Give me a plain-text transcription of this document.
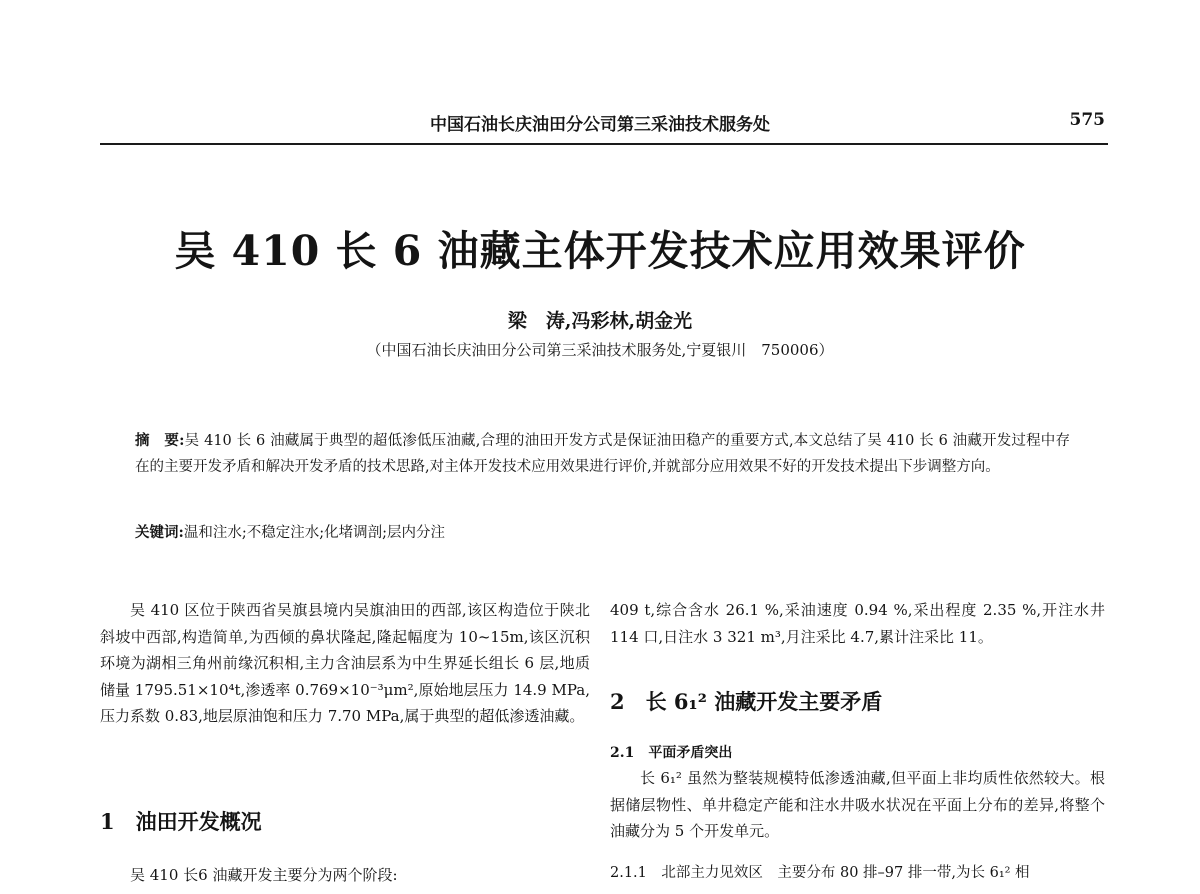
中国石油长庆油田分公司第三采油技术服务处	575
吴 410 长 6 油藏主体开发技术应用效果评价
梁　涛,冯彩林,胡金光
（中国石油长庆油田分公司第三采油技术服务处,宁夏银川　750006）
摘　要:吴 410 长 6 油藏属于典型的超低渗低压油藏,合理的油田开发方式是保证油田稳产的重要方式,本文总结了吴 410 长 6 油藏开发过程中存在的主要开发矛盾和解决开发矛盾的技术思路,对主体开发技术应用效果进行评价,并就部分应用效果不好的开发技术提出下步调整方向。
关键词:温和注水;不稳定注水;化堵调剖;层内分注

吴 410 区位于陕西省吴旗县境内吴旗油田的西部,该区构造位于陕北斜坡中西部,构造简单,为西倾的鼻状隆起,隆起幅度为 10~15m,该区沉积环境为湖相三角州前缘沉积相,主力含油层系为中生界延长组长 6 层,地质储量 1795.51×10⁴t,渗透率 0.769×10⁻³μm²,原始地层压力 14.9 MPa,压力系数 0.83,地层原油饱和压力 7.70 MPa,属于典型的超低渗透油藏。

1　油田开发概况
吴 410 长6 油藏开发主要分为两个阶段:

409 t,综合含水 26.1 %,采油速度 0.94 %,采出程度 2.35 %,开注水井 114 口,日注水 3 321 m³,月注采比 4.7,累计注采比 11。

2　长 6₁² 油藏开发主要矛盾
2.1　平面矛盾突出

长 6₁² 虽然为整装规模特低渗透油藏,但平面上非均质性依然较大。根据储层物性、单井稳定产能和注水井吸水状况在平面上分布的差异,将整个油藏分为 5 个开发单元。

2.1.1　北部主力见效区　主要分布 80 排–97 排一带,为长 6₁² 相
